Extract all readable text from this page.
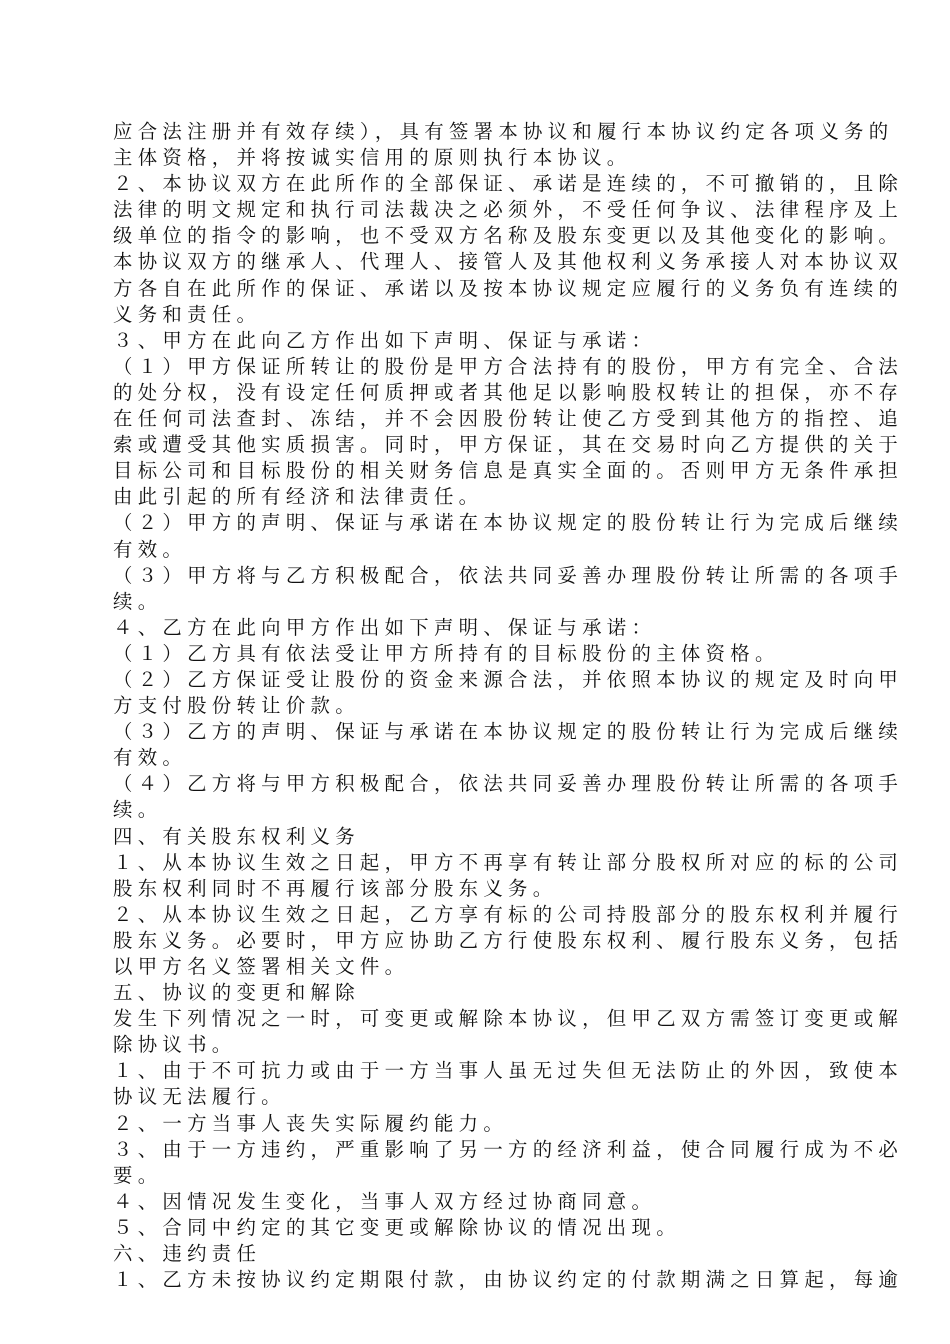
应合法注册并有效存续），具有签署本协议和履行本协议约定各项义务的
主体资格，并将按诚实信用的原则执行本协议。
２、本协议双方在此所作的全部保证、承诺是连续的，不可撤销的，且除
法律的明文规定和执行司法裁决之必须外，不受任何争议、法律程序及上
级单位的指令的影响，也不受双方名称及股东变更以及其他变化的影响。
本协议双方的继承人、代理人、接管人及其他权利义务承接人对本协议双
方各自在此所作的保证、承诺以及按本协议规定应履行的义务负有连续的
义务和责任。
３、甲方在此向乙方作出如下声明、保证与承诺：
（１）甲方保证所转让的股份是甲方合法持有的股份，甲方有完全、合法
的处分权，没有设定任何质押或者其他足以影响股权转让的担保，亦不存
在任何司法查封、冻结，并不会因股份转让使乙方受到其他方的指控、追
索或遭受其他实质损害。同时，甲方保证，其在交易时向乙方提供的关于
目标公司和目标股份的相关财务信息是真实全面的。否则甲方无条件承担
由此引起的所有经济和法律责任。
（２）甲方的声明、保证与承诺在本协议规定的股份转让行为完成后继续
有效。
（３）甲方将与乙方积极配合，依法共同妥善办理股份转让所需的各项手
续。
４、乙方在此向甲方作出如下声明、保证与承诺：
（１）乙方具有依法受让甲方所持有的目标股份的主体资格。
（２）乙方保证受让股份的资金来源合法，并依照本协议的规定及时向甲
方支付股份转让价款。
（３）乙方的声明、保证与承诺在本协议规定的股份转让行为完成后继续
有效。
（４）乙方将与甲方积极配合，依法共同妥善办理股份转让所需的各项手
续。
四、有关股东权利义务
１、从本协议生效之日起，甲方不再享有转让部分股权所对应的标的公司
股东权利同时不再履行该部分股东义务。
２、从本协议生效之日起，乙方享有标的公司持股部分的股东权利并履行
股东义务。必要时，甲方应协助乙方行使股东权利、履行股东义务，包括
以甲方名义签署相关文件。
五、协议的变更和解除
发生下列情况之一时，可变更或解除本协议，但甲乙双方需签订变更或解
除协议书。
１、由于不可抗力或由于一方当事人虽无过失但无法防止的外因，致使本
协议无法履行。
２、一方当事人丧失实际履约能力。
３、由于一方违约，严重影响了另一方的经济利益，使合同履行成为不必
要。
４、因情况发生变化，当事人双方经过协商同意。
５、合同中约定的其它变更或解除协议的情况出现。
六、违约责任
１、乙方未按协议约定期限付款，由协议约定的付款期满之日算起，每逾
